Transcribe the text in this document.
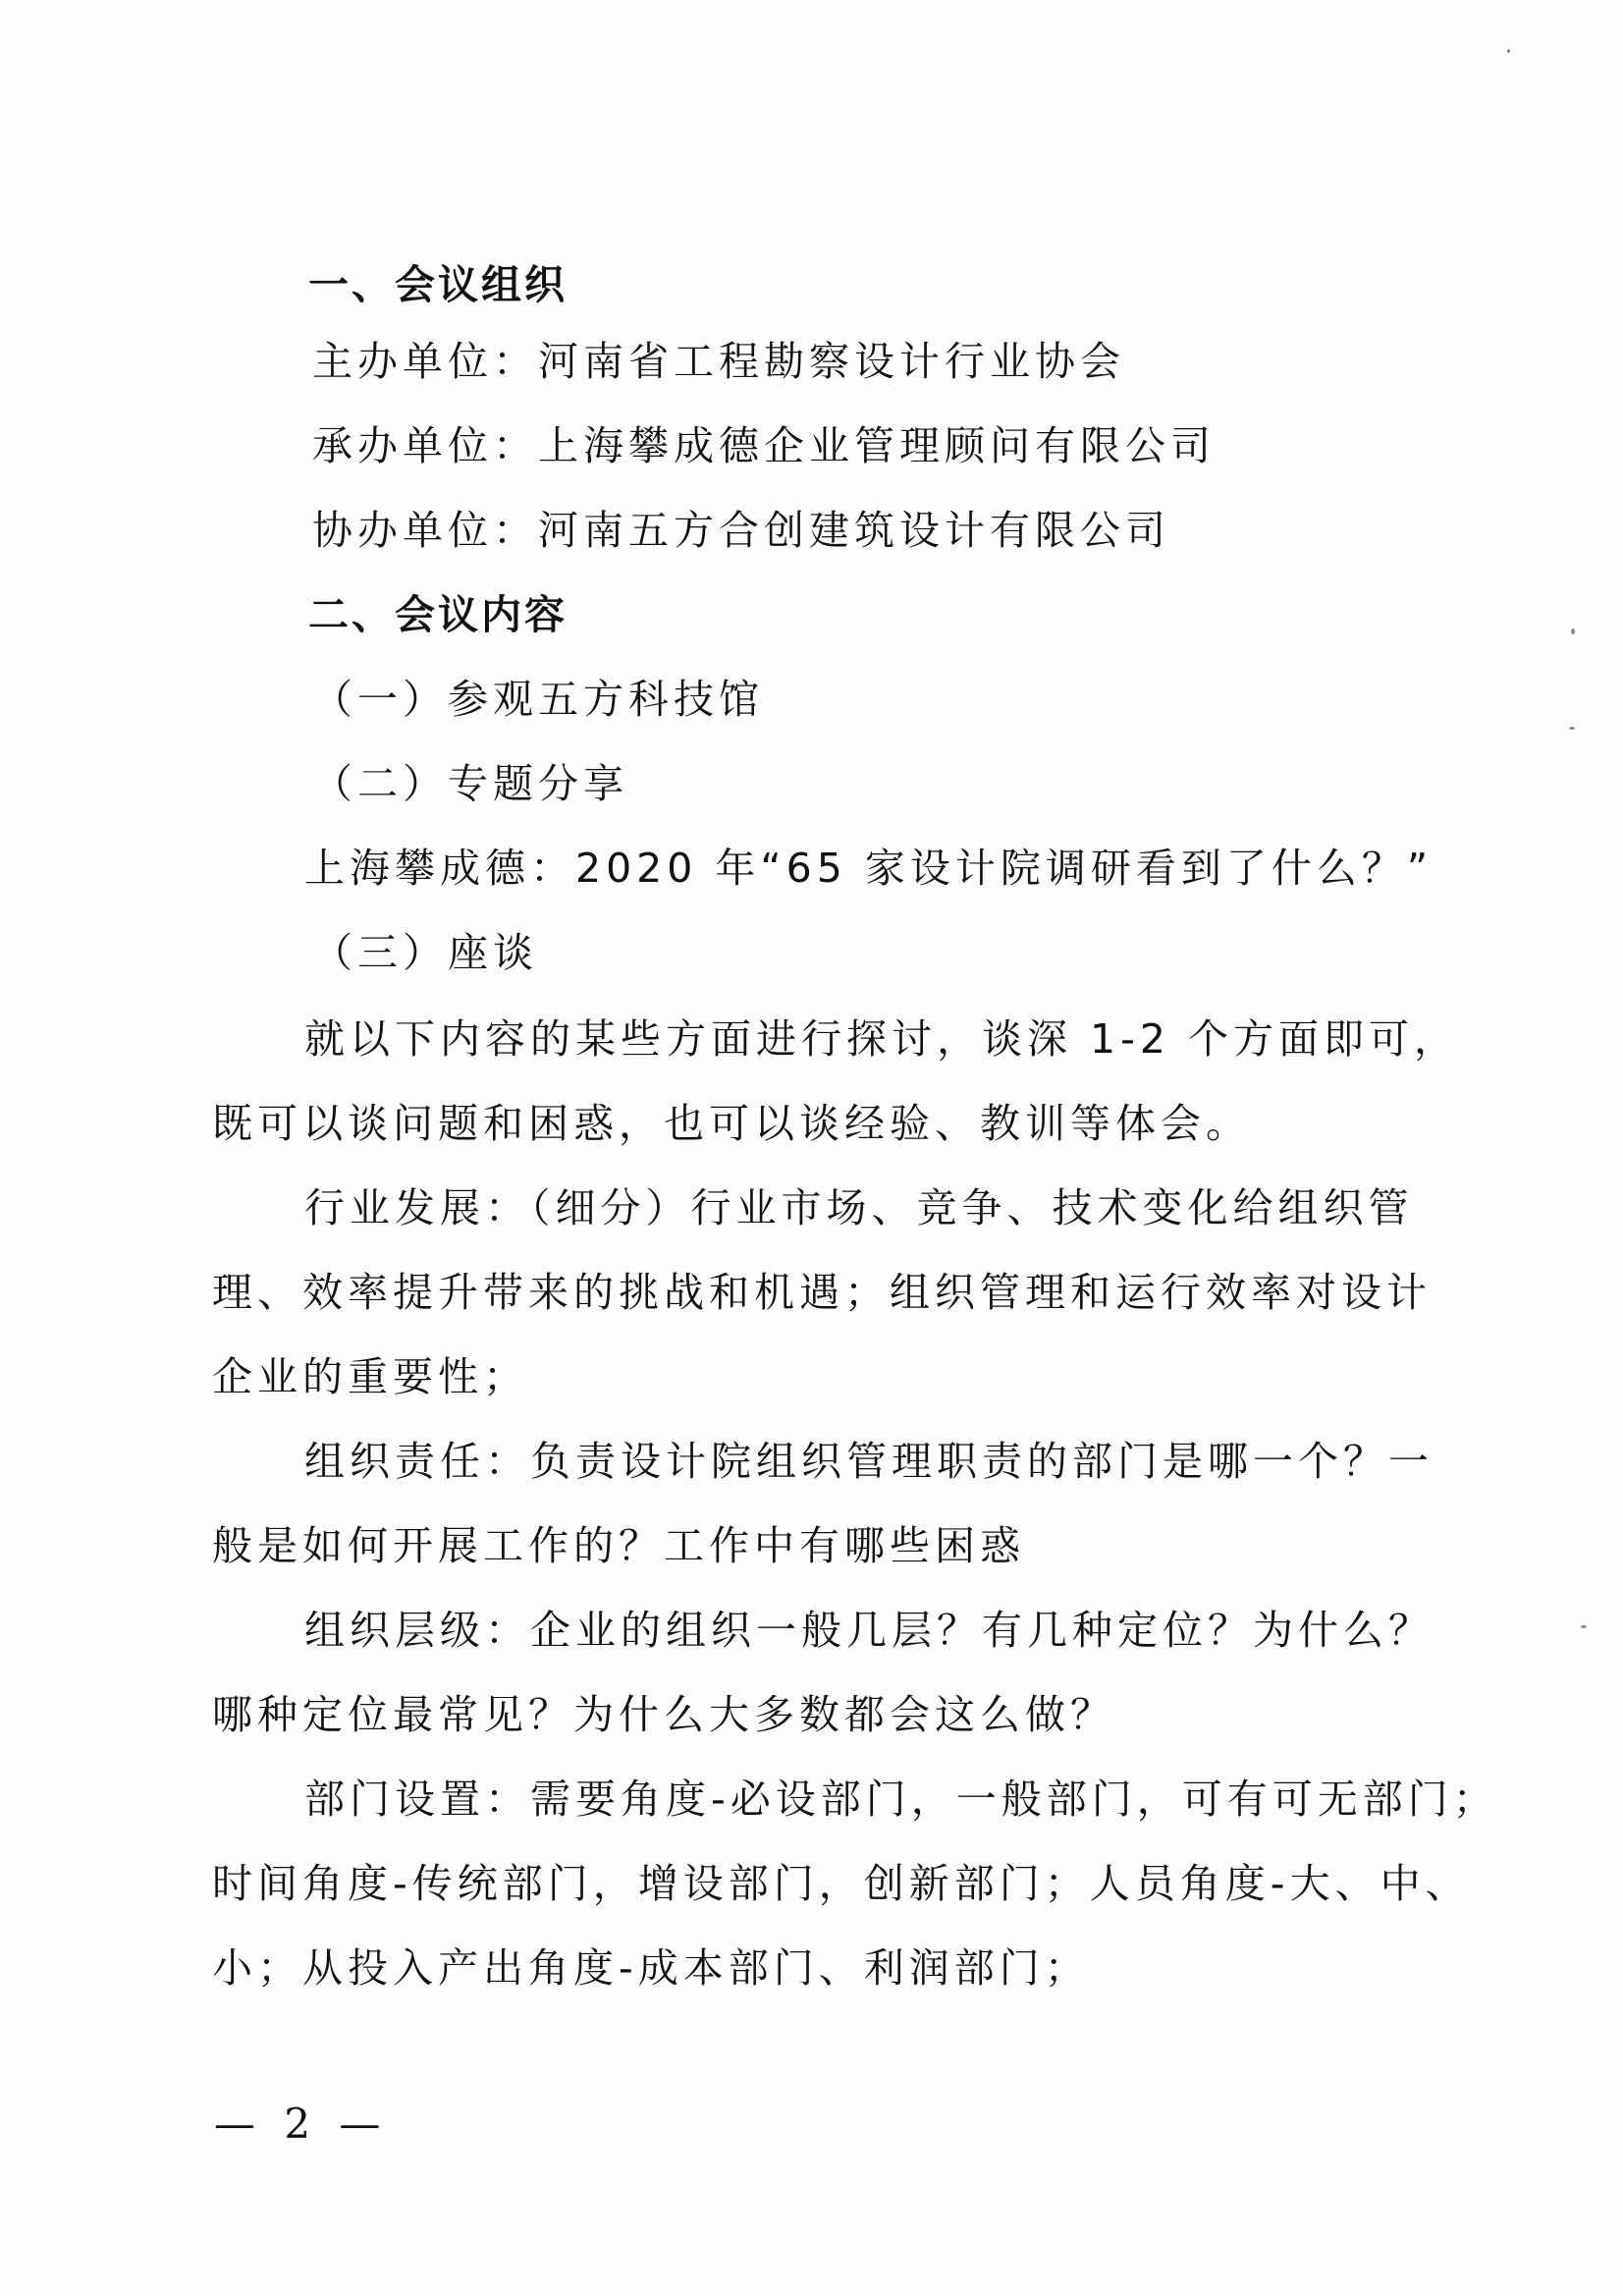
一、会议组织
主办单位：河南省工程勘察设计行业协会
承办单位：上海攀成德企业管理顾问有限公司
协办单位：河南五方合创建筑设计有限公司
二、会议内容
（一）参观五方科技馆
（二）专题分享
上海攀成德：2020 年“65 家设计院调研看到了什么？”
（三）座谈
就以下内容的某些方面进行探讨，谈深 1-2 个方面即可，
既可以谈问题和困惑，也可以谈经验、教训等体会。
行业发展：（细分）行业市场、竞争、技术变化给组织管
理、效率提升带来的挑战和机遇；组织管理和运行效率对设计
企业的重要性；
组织责任：负责设计院组织管理职责的部门是哪一个？一
般是如何开展工作的？工作中有哪些困惑
组织层级：企业的组织一般几层？有几种定位？为什么？
哪种定位最常见？为什么大多数都会这么做？
部门设置：需要角度-必设部门，一般部门，可有可无部门；
时间角度-传统部门，增设部门，创新部门；人员角度-大、中、
小；从投入产出角度-成本部门、利润部门；
— 2 —
